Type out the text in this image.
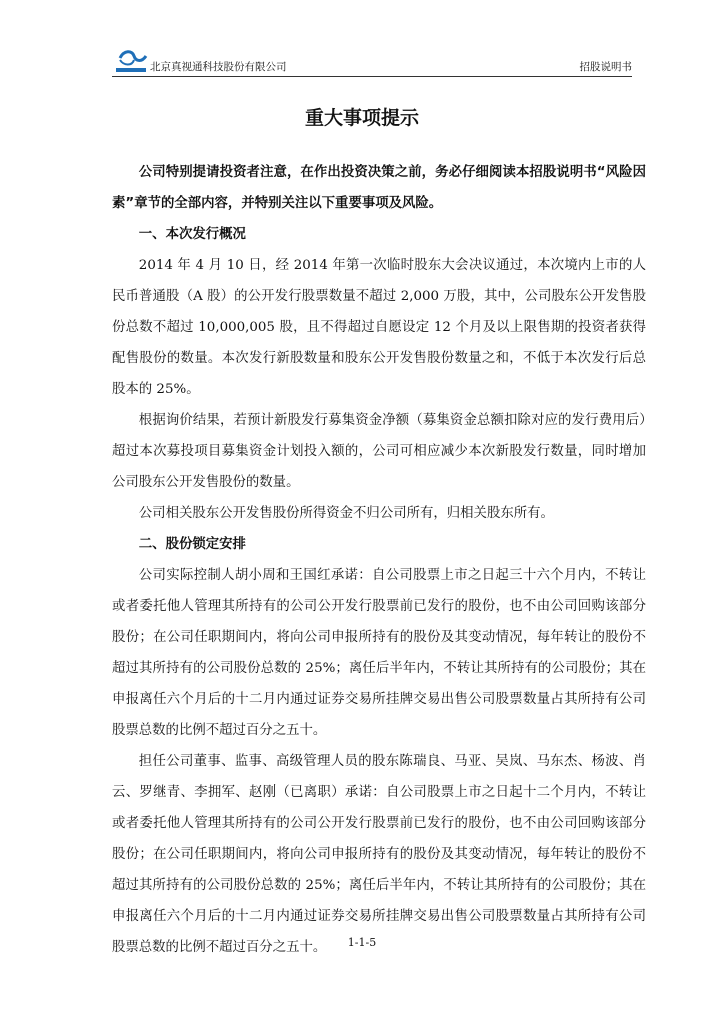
北京真视通科技股份有限公司	招股说明书
重大事项提示

公司特别提请投资者注意，在作出投资决策之前，务必仔细阅读本招股说明书“风险因素”章节的全部内容，并特别关注以下重要事项及风险。

一、本次发行概况

2014 年 4 月 10 日，经 2014 年第一次临时股东大会决议通过，本次境内上市的人民币普通股（A 股）的公开发行股票数量不超过 2,000 万股，其中，公司股东公开发售股份总数不超过 10,000,005 股，且不得超过自愿设定 12 个月及以上限售期的投资者获得配售股份的数量。本次发行新股数量和股东公开发售股份数量之和，不低于本次发行后总股本的 25%。

根据询价结果，若预计新股发行募集资金净额（募集资金总额扣除对应的发行费用后）超过本次募投项目募集资金计划投入额的，公司可相应减少本次新股发行数量，同时增加公司股东公开发售股份的数量。

公司相关股东公开发售股份所得资金不归公司所有，归相关股东所有。

二、股份锁定安排

公司实际控制人胡小周和王国红承诺：自公司股票上市之日起三十六个月内，不转让或者委托他人管理其所持有的公司公开发行股票前已发行的股份，也不由公司回购该部分股份；在公司任职期间内，将向公司申报所持有的股份及其变动情况，每年转让的股份不超过其所持有的公司股份总数的 25%；离任后半年内，不转让其所持有的公司股份；其在申报离任六个月后的十二月内通过证券交易所挂牌交易出售公司股票数量占其所持有公司股票总数的比例不超过百分之五十。

担任公司董事、监事、高级管理人员的股东陈瑞良、马亚、吴岚、马东杰、杨波、肖云、罗继青、李拥军、赵刚（已离职）承诺：自公司股票上市之日起十二个月内，不转让或者委托他人管理其所持有的公司公开发行股票前已发行的股份，也不由公司回购该部分股份；在公司任职期间内，将向公司申报所持有的股份及其变动情况，每年转让的股份不超过其所持有的公司股份总数的 25%；离任后半年内，不转让其所持有的公司股份；其在申报离任六个月后的十二月内通过证券交易所挂牌交易出售公司股票数量占其所持有公司股票总数的比例不超过百分之五十。	1-1-5
